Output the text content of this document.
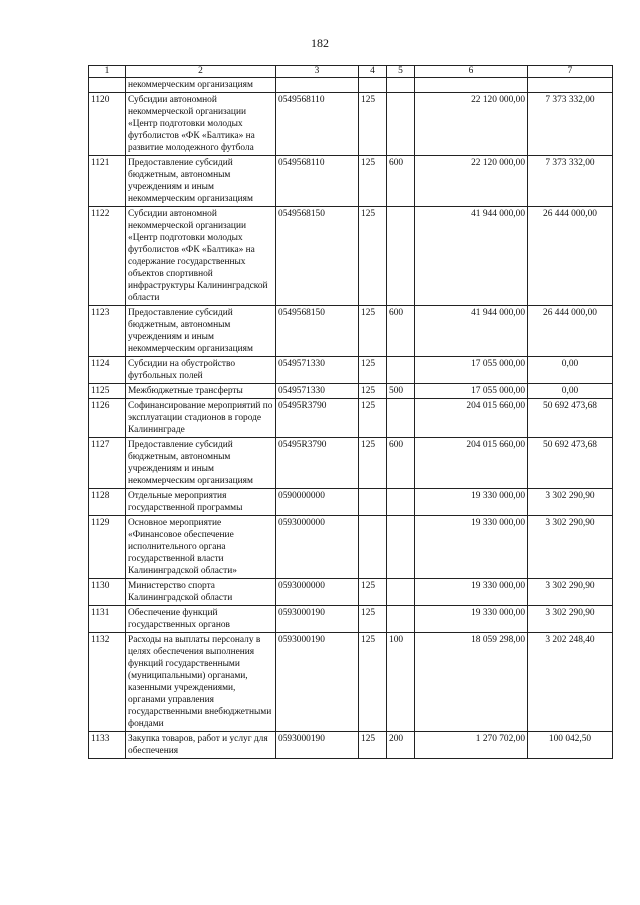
182
1	2	3	4	5	6	7
	некоммерческим организациям					
1120	Субсидии автономной некоммерческой организации «Центр подготовки молодых футболистов «ФК «Балтика» на развитие молодежного футбола	0549568110	125		22 120 000,00	7 373 332,00
1121	Предоставление субсидий бюджетным, автономным учреждениям и иным некоммерческим организациям	0549568110	125	600	22 120 000,00	7 373 332,00
1122	Субсидии автономной некоммерческой организации «Центр подготовки молодых футболистов «ФК «Балтика» на содержание государственных объектов спортивной инфраструктуры Калининградской области	0549568150	125		41 944 000,00	26 444 000,00
1123	Предоставление субсидий бюджетным, автономным учреждениям и иным некоммерческим организациям	0549568150	125	600	41 944 000,00	26 444 000,00
1124	Субсидии на обустройство футбольных полей	0549571330	125		17 055 000,00	0,00
1125	Межбюджетные трансферты	0549571330	125	500	17 055 000,00	0,00
1126	Софинансирование мероприятий по эксплуатации стадионов в городе Калининграде	05495R3790	125		204 015 660,00	50 692 473,68
1127	Предоставление субсидий бюджетным, автономным учреждениям и иным некоммерческим организациям	05495R3790	125	600	204 015 660,00	50 692 473,68
1128	Отдельные мероприятия государственной программы	0590000000			19 330 000,00	3 302 290,90
1129	Основное мероприятие «Финансовое обеспечение исполнительного органа государственной власти Калининградской области»	0593000000			19 330 000,00	3 302 290,90
1130	Министерство спорта Калининградской области	0593000000	125		19 330 000,00	3 302 290,90
1131	Обеспечение функций государственных органов	0593000190	125		19 330 000,00	3 302 290,90
1132	Расходы на выплаты персоналу в целях обеспечения выполнения функций государственными (муниципальными) органами, казенными учреждениями, органами управления государственными внебюджетными фондами	0593000190	125	100	18 059 298,00	3 202 248,40
1133	Закупка товаров, работ и услуг для обеспечения	0593000190	125	200	1 270 702,00	100 042,50
